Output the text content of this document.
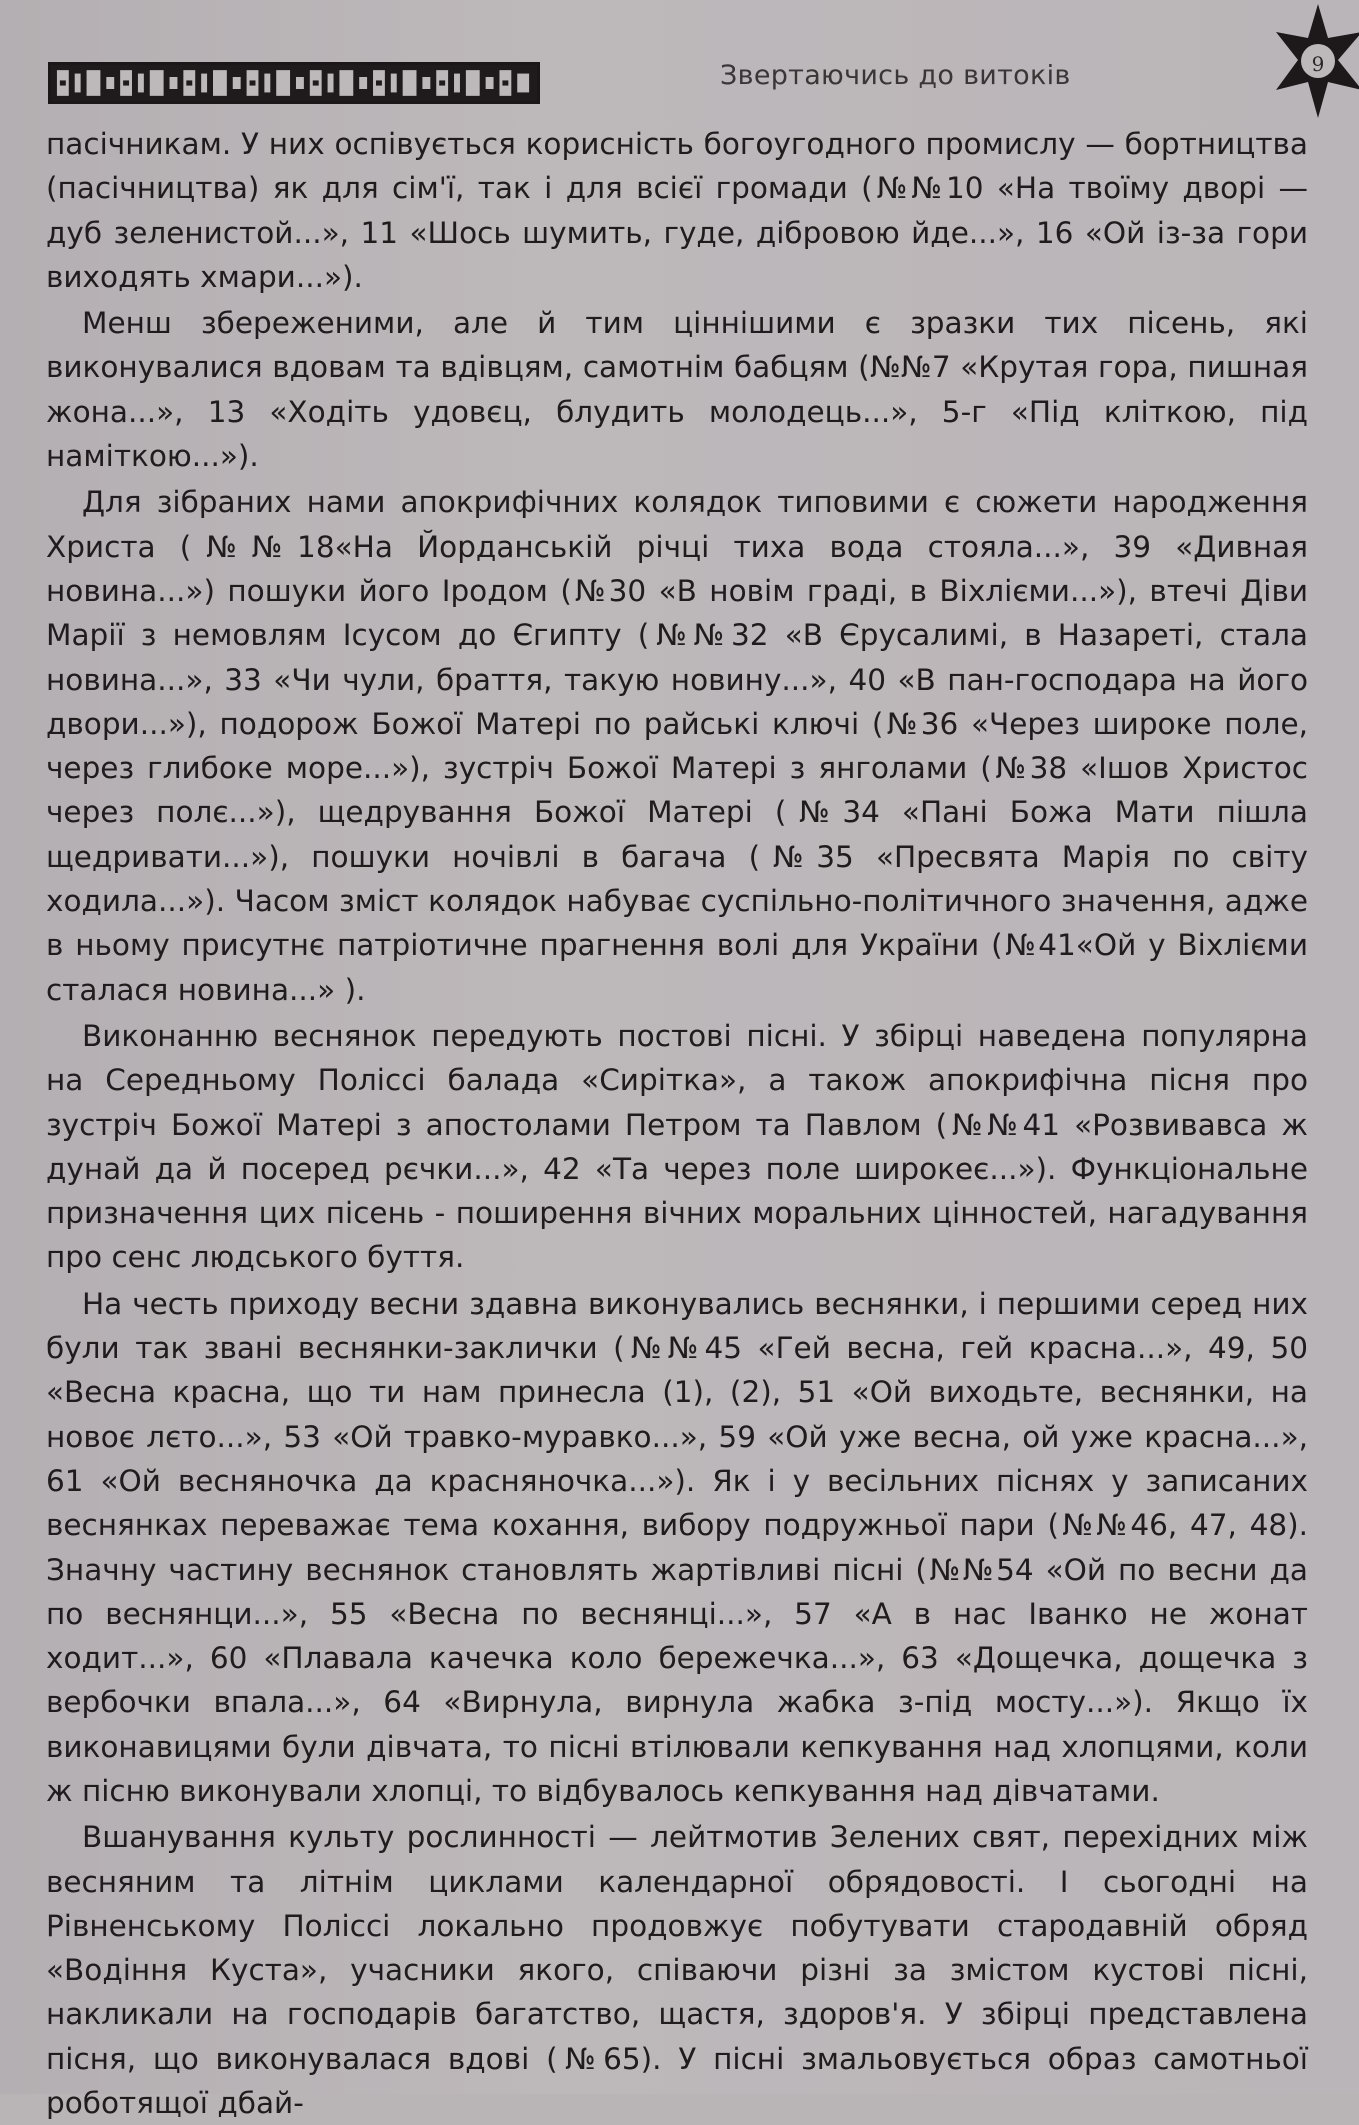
Звертаючись до витоків	9

пасічникам. У них оспівується корисність богоугодного промислу — бортництва (пасічництва) як для сім'ї, так і для всієї громади (№№10 «На твоїму дворі — дуб зеленистой...», 11 «Шось шумить, гуде, дібровою йде...», 16 «Ой із-за гори виходять хмари...»).

Менш збереженими, але й тим ціннішими є зразки тих пісень, які виконувалися вдовам та вдівцям, самотнім бабцям (№№7 «Крутая гора, пишная жона...», 13 «Ходіть удовєц, блудить молодець...», 5-г «Під кліткою, під наміткою...»).

Для зібраних нами апокрифічних колядок типовими є сюжети народження Христа (№№18«На Йорданській річці тиха вода стояла...», 39 «Дивная новина...») пошуки його Іродом (№30 «В новім граді, в Віхлієми...»), втечі Діви Марії з немовлям Ісусом до Єгипту (№№32 «В Єрусалимі, в Назареті, стала новина...», 33 «Чи чули, браття, такую новину...», 40 «В пан-господара на його двори...»), подорож Божої Матері по райські ключі (№36 «Через широке поле, через глибоке море...»), зустріч Божої Матері з янголами (№38 «Ішов Христос через полє...»), щедрування Божої Матері (№34 «Пані Божа Мати пішла щедривати...»), пошуки ночівлі в багача (№35 «Пресвята Марія по світу ходила...»). Часом зміст колядок набуває суспільно-політичного значення, адже в ньому присутнє патріотичне прагнення волі для України (№41«Ой у Віхлієми сталася новина...» ).

Виконанню веснянок передують постові пісні. У збірці наведена популярна на Середньому Поліссі балада «Сирітка», а також апокрифічна пісня про зустріч Божої Матері з апостолами Петром та Павлом (№№41 «Розвивавса ж дунай да й посеред рєчки...», 42 «Та через поле широкеє...»). Функціональне призначення цих пісень - поширення вічних моральних цінностей, нагадування про сенс людського буття.

На честь приходу весни здавна виконувались веснянки, і першими серед них були так звані веснянки-заклички (№№45 «Гей весна, гей красна...», 49, 50 «Весна красна, що ти нам принесла (1), (2), 51 «Ой виходьте, веснянки, на новоє лєто...», 53 «Ой травко-муравко...», 59 «Ой уже весна, ой уже красна...», 61 «Ой весняночка да красняночка...»). Як і у весільних піснях у записаних веснянках переважає тема кохання, вибору подружньої пари (№№46, 47, 48). Значну частину веснянок становлять жартівливі пісні (№№54 «Ой по весни да по веснянци...», 55 «Весна по веснянці...», 57 «А в нас Іванко не жонат ходит...», 60 «Плавала качечка коло бережечка...», 63 «Дощечка, дощечка з вербочки впала...», 64 «Вирнула, вирнула жабка з-під мосту...»). Якщо їх виконавицями були дівчата, то пісні втілювали кепкування над хлопцями, коли ж пісню виконували хлопці, то відбувалось кепкування над дівчатами.

Вшанування культу рослинності — лейтмотив Зелених свят, перехідних між весняним та літнім циклами календарної обрядовості. І сьогодні на Рівненському Поліссі локально продовжує побутувати стародавній обряд «Водіння Куста», учасники якого, співаючи різні за змістом кустові пісні, накликали на господарів багатство, щастя, здоров'я. У збірці представлена пісня, що виконувалася вдові (№65). У пісні змальовується образ самотньої роботящої дбай-
